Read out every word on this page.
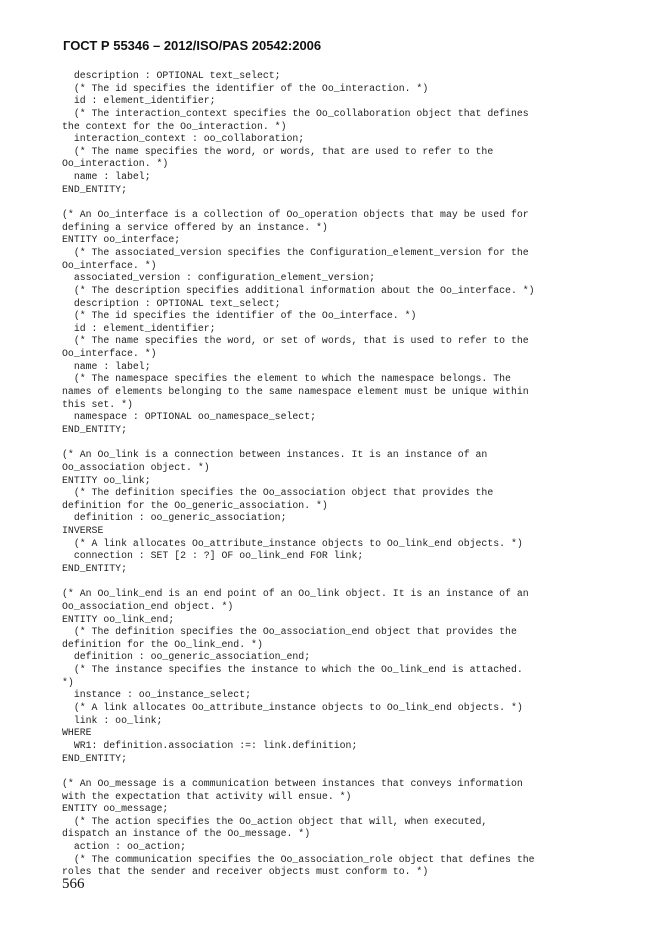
ГОСТ Р 55346 – 2012/ISO/PAS 20542:2006
description : OPTIONAL text_select;
(* The id specifies the identifier of the Oo_interaction. *)
id : element_identifier;
(* The interaction_context specifies the Oo_collaboration object that defines
the context for the Oo_interaction. *)
interaction_context : oo_collaboration;
(* The name specifies the word, or words, that are used to refer to the
Oo_interaction. *)
name : label;
END_ENTITY;
(* An Oo_interface is a collection of Oo_operation objects that may be used for
defining a service offered by an instance. *)
ENTITY oo_interface;
(* The associated_version specifies the Configuration_element_version for the
Oo_interface. *)
associated_version : configuration_element_version;
(* The description specifies additional information about the Oo_interface. *)
description : OPTIONAL text_select;
(* The id specifies the identifier of the Oo_interface. *)
id : element_identifier;
(* The name specifies the word, or set of words, that is used to refer to the
Oo_interface. *)
name : label;
(* The namespace specifies the element to which the namespace belongs. The
names of elements belonging to the same namespace element must be unique within
this set. *)
namespace : OPTIONAL oo_namespace_select;
END_ENTITY;
(* An Oo_link is a connection between instances. It is an instance of an
Oo_association object. *)
ENTITY oo_link;
(* The definition specifies the Oo_association object that provides the
definition for the Oo_generic_association. *)
definition : oo_generic_association;
INVERSE
(* A link allocates Oo_attribute_instance objects to Oo_link_end objects. *)
connection : SET [2 : ?] OF oo_link_end FOR link;
END_ENTITY;
(* An Oo_link_end is an end point of an Oo_link object. It is an instance of an
Oo_association_end object. *)
ENTITY oo_link_end;
(* The definition specifies the Oo_association_end object that provides the
definition for the Oo_link_end. *)
definition : oo_generic_association_end;
(* The instance specifies the instance to which the Oo_link_end is attached.
*)
instance : oo_instance_select;
(* A link allocates Oo_attribute_instance objects to Oo_link_end objects. *)
link : oo_link;
WHERE
WR1: definition.association :=: link.definition;
END_ENTITY;
(* An Oo_message is a communication between instances that conveys information
with the expectation that activity will ensue. *)
ENTITY oo_message;
(* The action specifies the Oo_action object that will, when executed,
dispatch an instance of the Oo_message. *)
action : oo_action;
(* The communication specifies the Oo_association_role object that defines the
roles that the sender and receiver objects must conform to. *)
566
